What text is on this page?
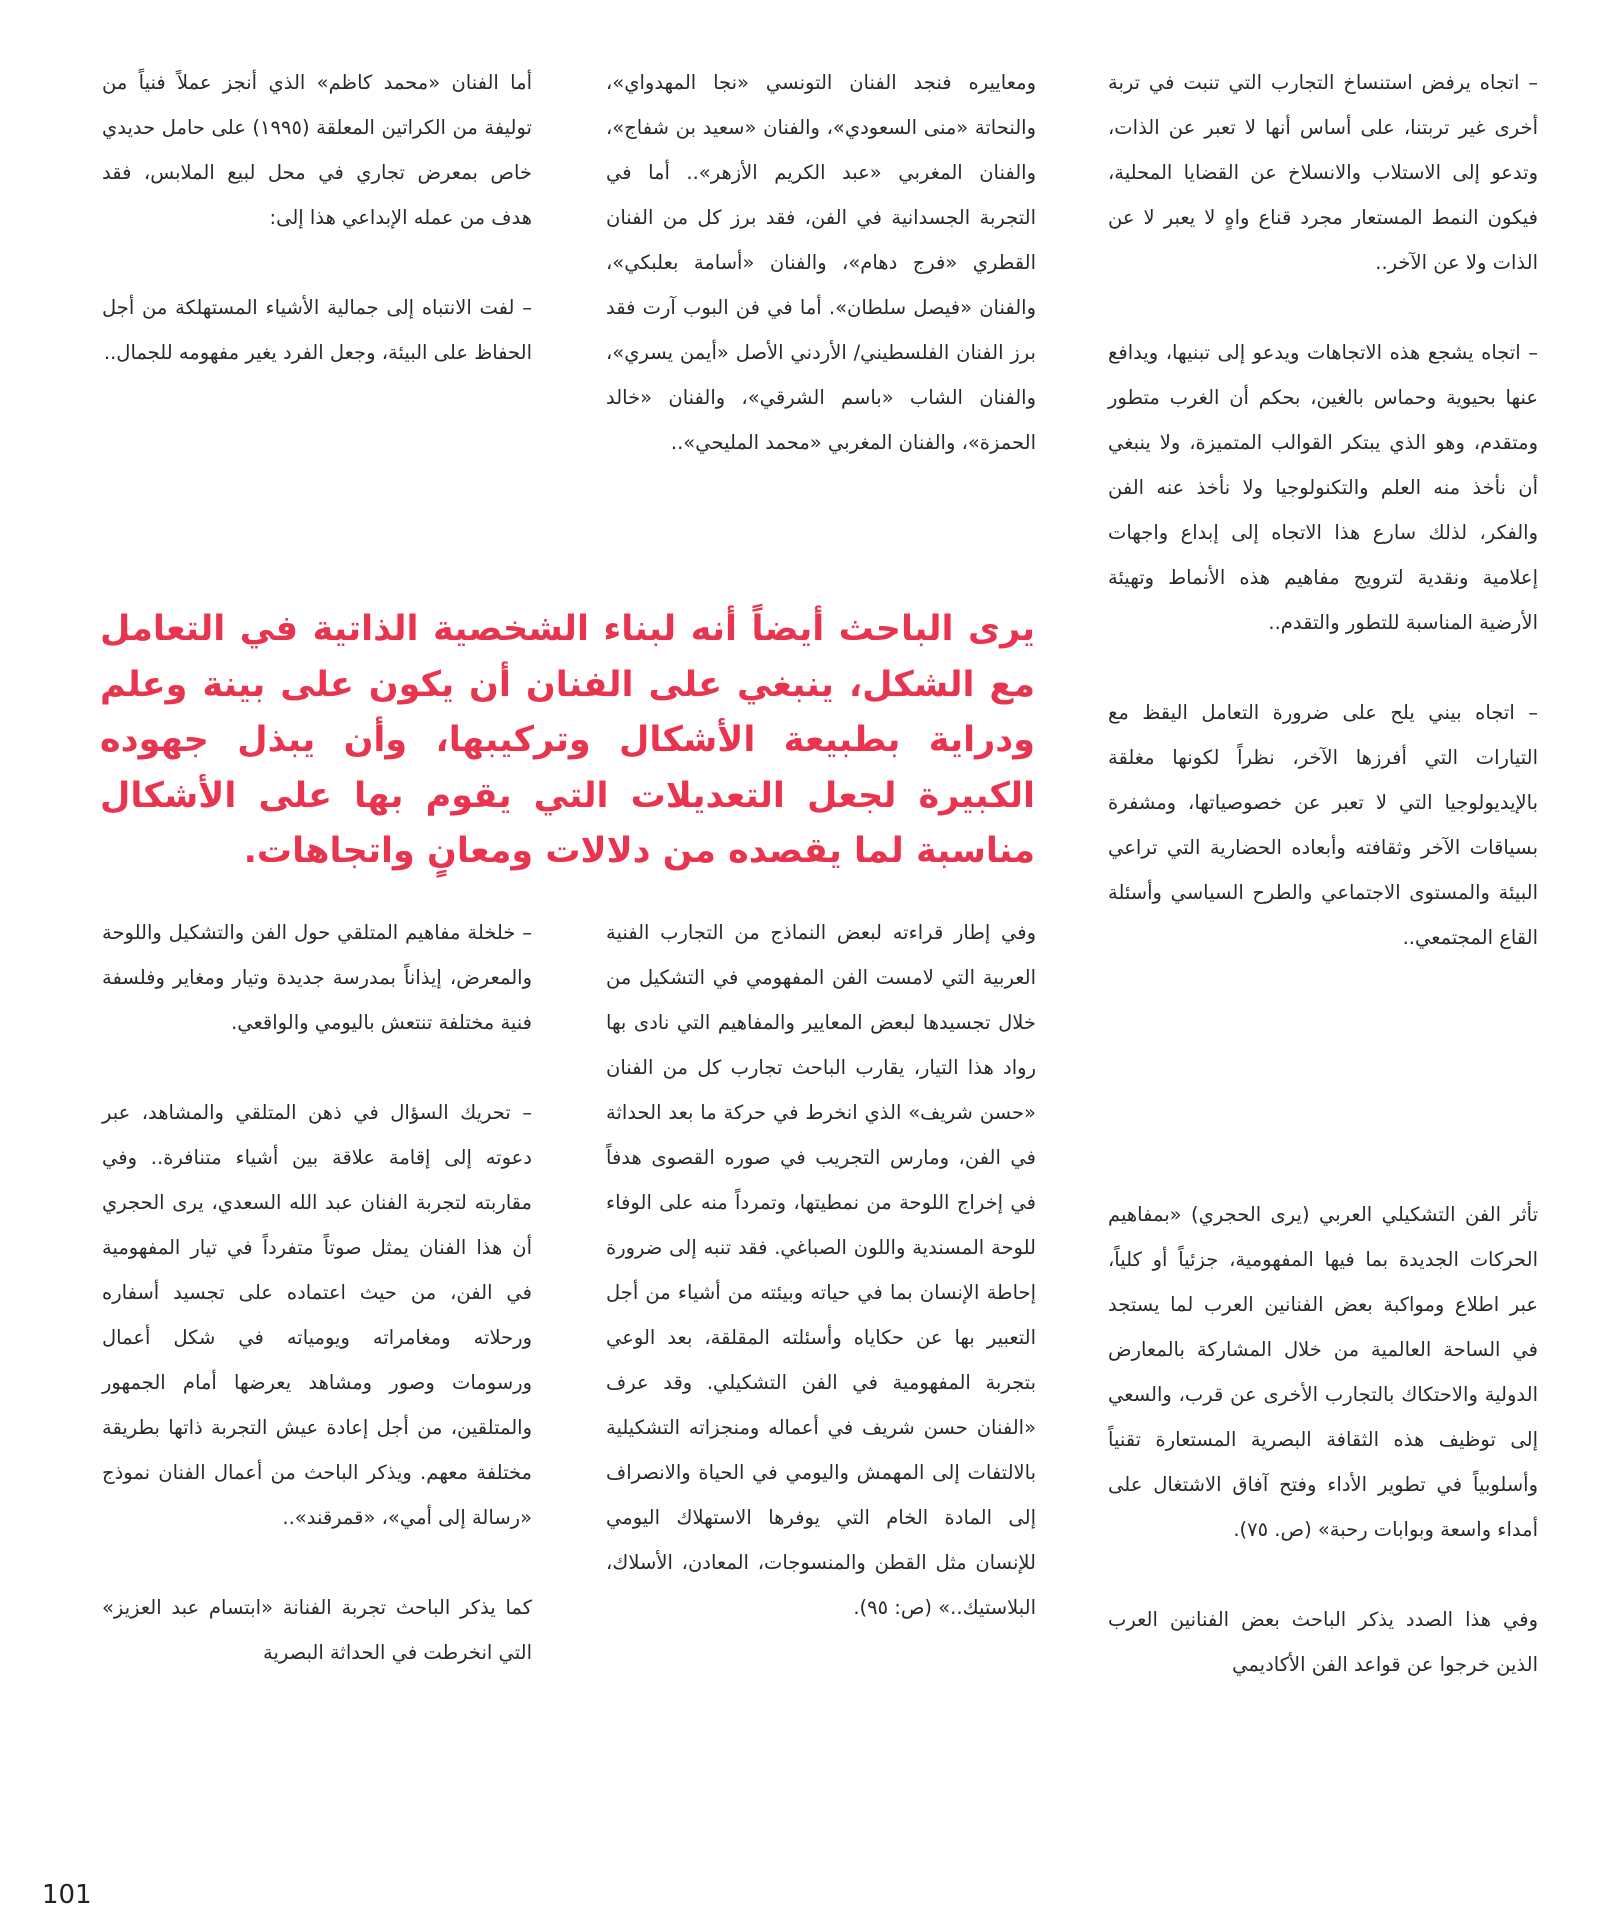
– اتجاه يرفض استنساخ التجارب التي تنبت في تربة أخرى غير تربتنا، على أساس أنها لا تعبر عن الذات، وتدعو إلى الاستلاب والانسلاخ عن القضايا المحلية، فيكون النمط المستعار مجرد قناع واهٍ لا يعبر لا عن الذات ولا عن الآخر..

– اتجاه يشجع هذه الاتجاهات ويدعو إلى تبنيها، ويدافع عنها بحيوية وحماس بالغين، بحكم أن الغرب متطور ومتقدم، وهو الذي يبتكر القوالب المتميزة، ولا ينبغي أن نأخذ منه العلم والتكنولوجيا ولا نأخذ عنه الفن والفكر، لذلك سارع هذا الاتجاه إلى إبداع واجهات إعلامية ونقدية لترويج مفاهيم هذه الأنماط وتهيئة الأرضية المناسبة للتطور والتقدم..

– اتجاه بيني يلح على ضرورة التعامل اليقظ مع التيارات التي أفرزها الآخر، نظراً لكونها مغلقة بالإيديولوجيا التي لا تعبر عن خصوصياتها، ومشفرة بسياقات الآخر وثقافته وأبعاده الحضارية التي تراعي البيئة والمستوى الاجتماعي والطرح السياسي وأسئلة القاع المجتمعي..

ومعاييره فنجد الفنان التونسي «نجا المهدواي»، والنحاتة «منى السعودي»، والفنان «سعيد بن شفاج»، والفنان المغربي «عبد الكريم الأزهر».. أما في التجربة الجسدانية في الفن، فقد برز كل من الفنان القطري «فرج دهام»، والفنان «أسامة بعلبكي»، والفنان «فيصل سلطان». أما في فن البوب آرت فقد برز الفنان الفلسطيني/ الأردني الأصل «أيمن يسري»، والفنان الشاب «باسم الشرقي»، والفنان «خالد الحمزة»، والفنان المغربي «محمد المليحي»..

أما الفنان «محمد كاظم» الذي أنجز عملاً فنياً من توليفة من الكراتين المعلقة (١٩٩٥) على حامل حديدي خاص بمعرض تجاري في محل لبيع الملابس، فقد هدف من عمله الإبداعي هذا إلى:

– لفت الانتباه إلى جمالية الأشياء المستهلكة من أجل الحفاظ على البيئة، وجعل الفرد يغير مفهومه للجمال..

يرى الباحث أيضاً أنه لبناء الشخصية الذاتية في التعامل مع الشكل، ينبغي على الفنان أن يكون على بينة وعلم ودراية بطبيعة الأشكال وتركيبها، وأن يبذل جهوده الكبيرة لجعل التعديلات التي يقوم بها على الأشكال مناسبة لما يقصده من دلالات ومعانٍ واتجاهات.

تأثر الفن التشكيلي العربي (يرى الحجري) «بمفاهيم الحركات الجديدة بما فيها المفهومية، جزئياً أو كلياً، عبر اطلاع ومواكبة بعض الفنانين العرب لما يستجد في الساحة العالمية من خلال المشاركة بالمعارض الدولية والاحتكاك بالتجارب الأخرى عن قرب، والسعي إلى توظيف هذه الثقافة البصرية المستعارة تقنياً وأسلوبياً في تطوير الأداء وفتح آفاق الاشتغال على أمداء واسعة وبوابات رحبة» (ص. ٧٥).

وفي هذا الصدد يذكر الباحث بعض الفنانين العرب الذين خرجوا عن قواعد الفن الأكاديمي

وفي إطار قراءته لبعض النماذج من التجارب الفنية العربية التي لامست الفن المفهومي في التشكيل من خلال تجسيدها لبعض المعايير والمفاهيم التي نادى بها رواد هذا التيار، يقارب الباحث تجارب كل من الفنان «حسن شريف» الذي انخرط في حركة ما بعد الحداثة في الفن، ومارس التجريب في صوره القصوى هدفاً في إخراج اللوحة من نمطيتها، وتمرداً منه على الوفاء للوحة المسندية واللون الصباغي. فقد تنبه إلى ضرورة إحاطة الإنسان بما في حياته وبيئته من أشياء من أجل التعبير بها عن حكاياه وأسئلته المقلقة، بعد الوعي بتجربة المفهومية في الفن التشكيلي. وقد عرف «الفنان حسن شريف في أعماله ومنجزاته التشكيلية بالالتفات إلى المهمش واليومي في الحياة والانصراف إلى المادة الخام التي يوفرها الاستهلاك اليومي للإنسان مثل القطن والمنسوجات، المعادن، الأسلاك، البلاستيك..» (ص: ٩٥).

– خلخلة مفاهيم المتلقي حول الفن والتشكيل واللوحة والمعرض، إيذاناً بمدرسة جديدة وتيار ومغاير وفلسفة فنية مختلفة تنتعش باليومي والواقعي.

– تحريك السؤال في ذهن المتلقي والمشاهد، عبر دعوته إلى إقامة علاقة بين أشياء متنافرة.. وفي مقاربته لتجربة الفنان عبد الله السعدي، يرى الحجري أن هذا الفنان يمثل صوتاً متفرداً في تيار المفهومية في الفن، من حيث اعتماده على تجسيد أسفاره ورحلاته ومغامراته ويومياته في شكل أعمال ورسومات وصور ومشاهد يعرضها أمام الجمهور والمتلقين، من أجل إعادة عيش التجربة ذاتها بطريقة مختلفة معهم. ويذكر الباحث من أعمال الفنان نموذج «رسالة إلى أمي»، «قمرقند»..

كما يذكر الباحث تجربة الفنانة «ابتسام عبد العزيز» التي انخرطت في الحداثة البصرية

101
